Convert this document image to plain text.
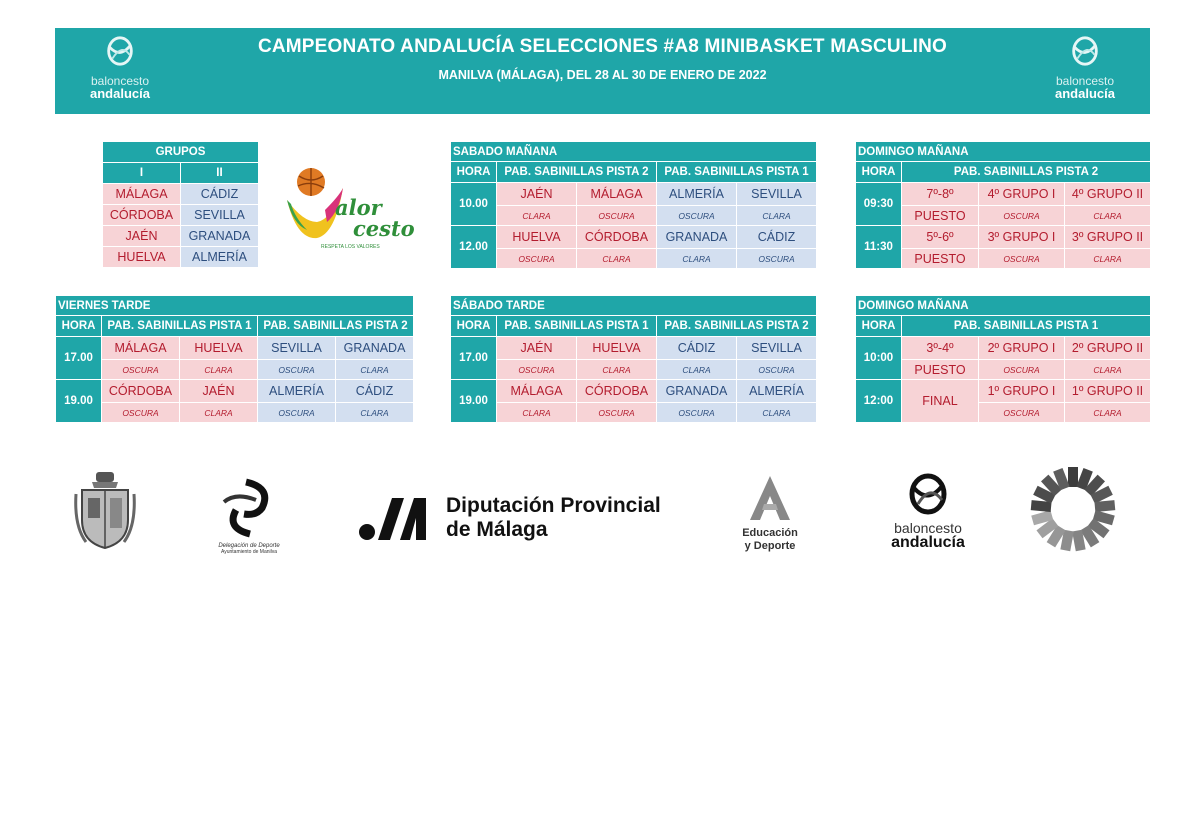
baloncesto
andalucía
CAMPEONATO ANDALUCÍA SELECCIONES #A8 MINIBASKET MASCULINO
MANILVA (MÁLAGA), DEL 28 AL 30 DE ENERO DE 2022	baloncesto
andalucía
GRUPOS	
I	II
MÁLAGA	CÁDIZ
CÓRDOBA	SEVILLA
JAÉN	GRANADA
HUELVA	ALMERÍA
alor
cesto
RESPETA LOS VALORES
SABADO MAÑANA				
HORA	PAB. SABINILLAS PISTA 2		PAB. SABINILLAS PISTA 1	
10.00	JAÉN	MÁLAGA	ALMERÍA	SEVILLA
	CLARA	OSCURA	OSCURA	CLARA
12.00	HUELVA	CÓRDOBA	GRANADA	CÁDIZ
	OSCURA	CLARA	CLARA	OSCURA
DOMINGO MAÑANA			
HORA	PAB. SABINILLAS PISTA 2		
09:30	7º-8º	4º GRUPO I	4º GRUPO II
	PUESTO	OSCURA	CLARA
11:30	5º-6º	3º GRUPO I	3º GRUPO II
	PUESTO	OSCURA	CLARA
VIERNES TARDE				
HORA	PAB. SABINILLAS PISTA 1		PAB. SABINILLAS PISTA 2	
17.00	MÁLAGA	HUELVA	SEVILLA	GRANADA
	OSCURA	CLARA	OSCURA	CLARA
19.00	CÓRDOBA	JAÉN	ALMERÍA	CÁDIZ
	OSCURA	CLARA	OSCURA	CLARA
SÁBADO TARDE				
HORA	PAB. SABINILLAS PISTA 1		PAB. SABINILLAS PISTA 2	
17.00	JAÉN	HUELVA	CÁDIZ	SEVILLA
	OSCURA	CLARA	CLARA	OSCURA
19.00	MÁLAGA	CÓRDOBA	GRANADA	ALMERÍA
	CLARA	OSCURA	OSCURA	CLARA
DOMINGO MAÑANA			
HORA	PAB. SABINILLAS PISTA 1		
10:00	3º-4º	2º GRUPO I	2º GRUPO II
	PUESTO	OSCURA	CLARA
12:00	FINAL	1º GRUPO I	1º GRUPO II
		OSCURA	CLARA
Delegación de Deporte
Ayuntamiento de Manilva
Diputación Provincial
de Málaga	Educación
y Deporte
baloncesto
andalucía
